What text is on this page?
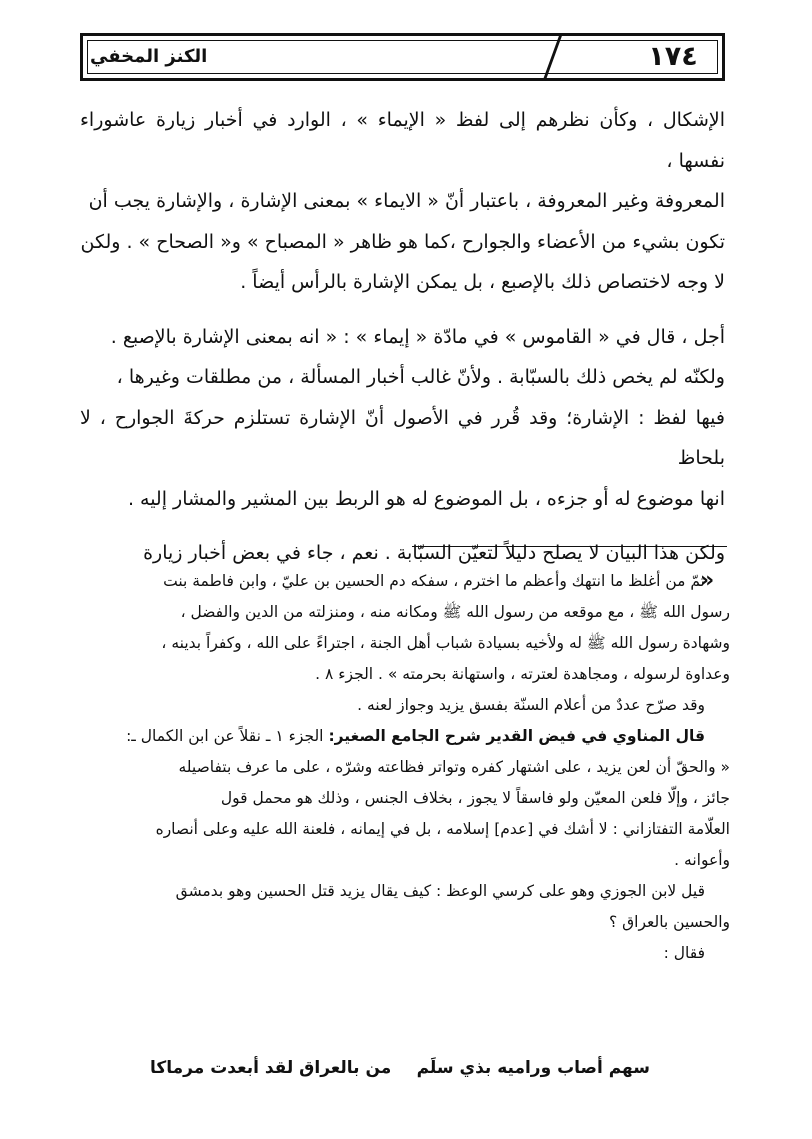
١٧٤
الكنز المخفي

الإشكال ، وكأن نظرهم إلى لفظ « الإيماء » ، الوارد في أخبار زيارة عاشوراء نفسها ،

المعروفة وغير المعروفة ، باعتبار أنّ « الايماء » بمعنى الإشارة ، والإشارة يجب أن

تكون بشيء من الأعضاء والجوارح ،كما هو ظاهر « المصباح » و« الصحاح » . ولكن

لا وجه لاختصاص ذلك بالإصبع ، بل يمكن الإشارة بالرأس أيضاً .

أجل ، قال في « القاموس » في مادّة « إيماء » : « انه بمعنى الإشارة بالإصبع .

ولكنّه لم يخص ذلك بالسبّابة . ولأنّ غالب أخبار المسألة ، من مطلقات وغيرها ،

فيها لفظ : الإشارة؛ وقد قُرر في الأصول أنّ الإشارة تستلزم حركةَ الجوارح ، لا بلحاظ

انها موضوع له أو جزءه ، بل الموضوع له هو الربط بين المشير والمشار إليه .

ولكن هذا البيان لا يصلح دليلاً لتعيّن السبّابة . نعم ، جاء في بعض أخبار زيارة

»

ثمّ من أغلظ ما انتهك وأعظم ما اخترم ، سفكه دم الحسين بن عليّ ، وابن فاطمة بنت

رسول الله ﷺ ، مع موقعه من رسول الله ﷺ ومكانه منه ، ومنزلته من الدين والفضل ،

وشهادة رسول الله ﷺ له ولأخيه بسيادة شباب أهل الجنة ، اجتراءً على الله ، وكفراً بدينه ،

وعداوة لرسوله ، ومجاهدة لعترته ، واستهانة بحرمته » . الجزء ٨ .

وقد صرّح عددٌ من أعلام السنّة بفسق يزيد وجواز لعنه .

قال المناوي في فيض القدير شرح الجامع الصغير: الجزء ١ ـ نقلاً عن ابن الكمال ـ:

« والحقّ أن لعن يزيد ، على اشتهار كفره وتواتر فظاعته وشرّه ، على ما عرف بتفاصيله

جائز ، وإلّا فلعن المعيّن ولو فاسقاً لا يجوز ، بخلاف الجنس ، وذلك هو محمل قول

العلّامة التفتازاني : لا أشك في [عدم] إسلامه ، بل في إيمانه ، فلعنة الله عليه وعلى أنصاره

وأعوانه .

قيل لابن الجوزي وهو على كرسي الوعظ : كيف يقال يزيد قتل الحسين وهو بدمشق

والحسين بالعراق ؟

فقال :

سهم أصاب وراميه بذي سلَم
من بالعراق لقد أبعدت مرماكا
